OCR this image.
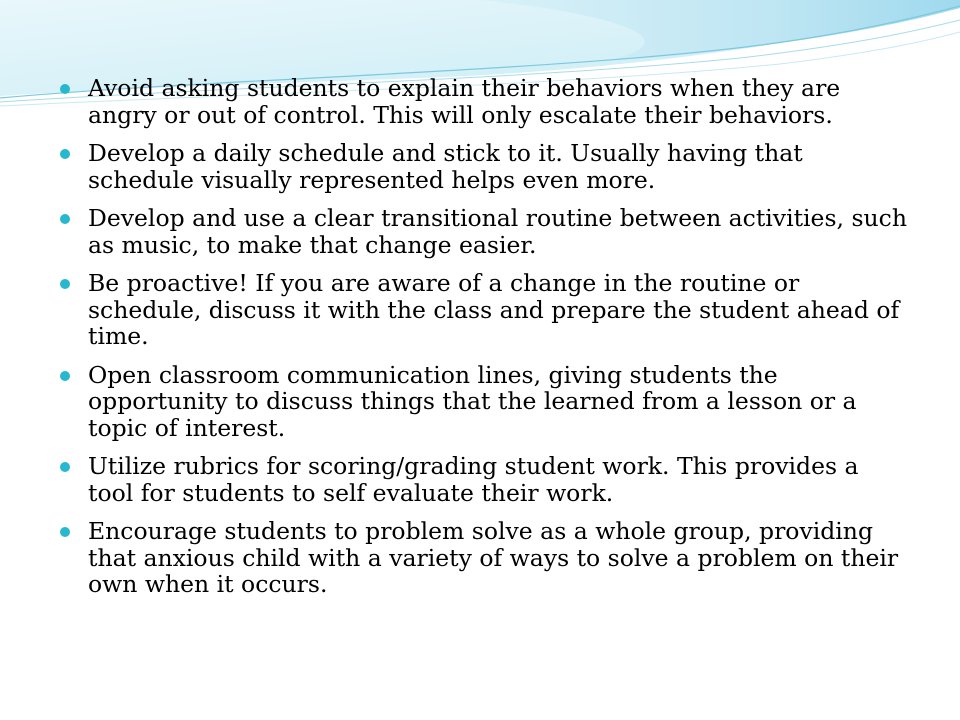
Avoid asking students to explain their behaviors when they are angry or out of control. This will only escalate their behaviors.
Develop a daily schedule and stick to it. Usually having that schedule visually represented helps even more.
Develop and use a clear transitional routine between activities, such as music, to make that change easier.
Be proactive! If you are aware of a change in the routine or schedule, discuss it with the class and prepare the student ahead of time.
Open classroom communication lines, giving students the opportunity to discuss things that the learned from a lesson or a topic of interest.
Utilize rubrics for scoring/grading student work. This provides a tool for students to self evaluate their work.
Encourage students to problem solve as a whole group, providing that anxious child with a variety of ways to solve a problem on their own when it occurs.
